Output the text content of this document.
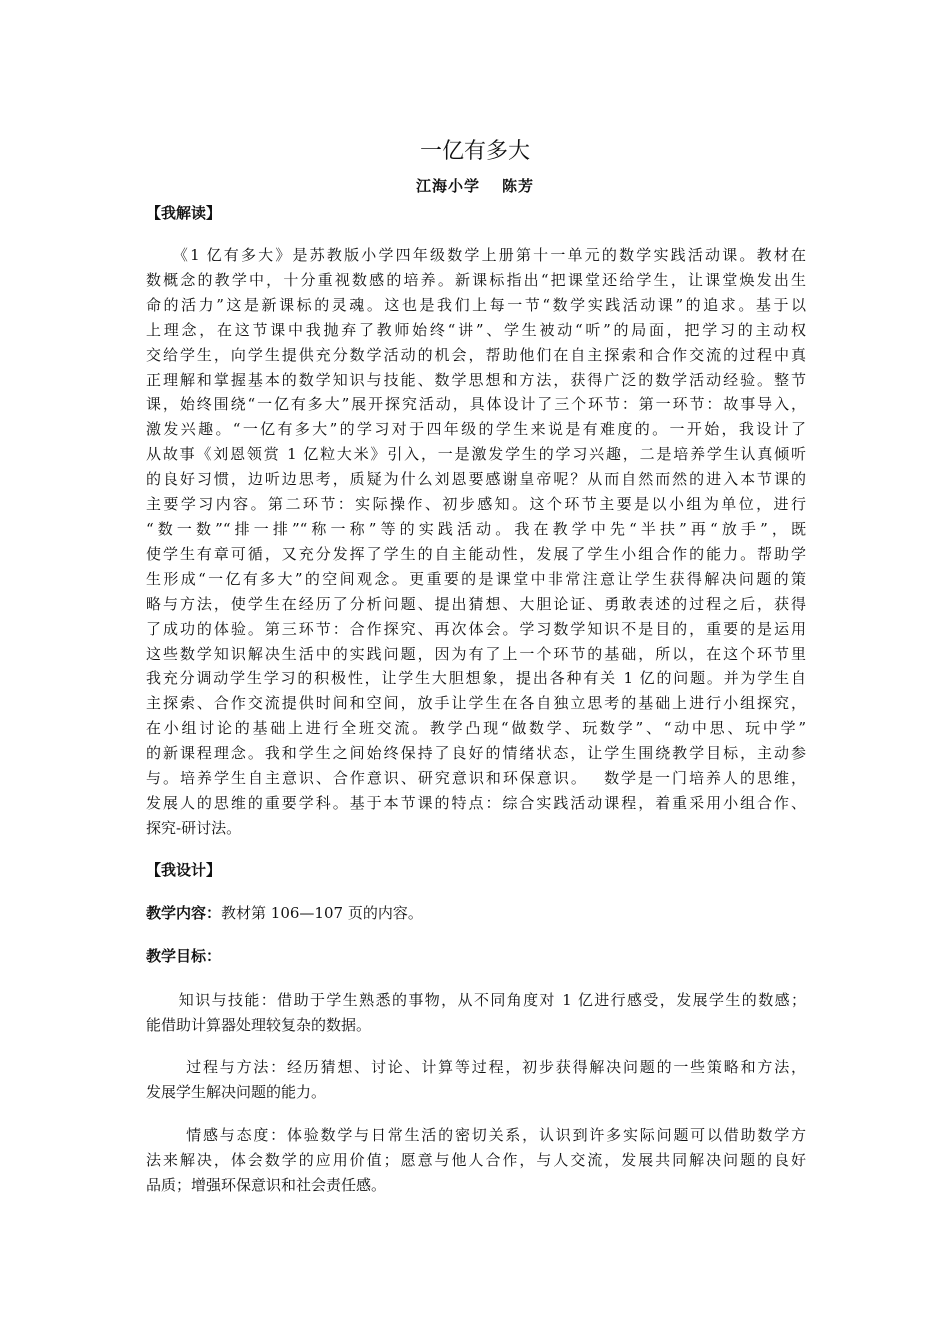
一亿有多大
江海小学 陈芳
【我解读】
　　《1 亿有多大》是苏教版小学四年级数学上册第十一单元的数学实践活动课。教材在
数概念的教学中，十分重视数感的培养。新课标指出“把课堂还给学生，让课堂焕发出生
命的活力”这是新课标的灵魂。这也是我们上每一节“数学实践活动课”的追求。基于以
上理念，在这节课中我抛弃了教师始终“讲”、学生被动“听”的局面，把学习的主动权
交给学生，向学生提供充分数学活动的机会，帮助他们在自主探索和合作交流的过程中真
正理解和掌握基本的数学知识与技能、数学思想和方法，获得广泛的数学活动经验。整节
课，始终围绕“一亿有多大”展开探究活动，具体设计了三个环节：第一环节：故事导入，
激发兴趣。“一亿有多大”的学习对于四年级的学生来说是有难度的。一开始，我设计了
从故事《刘恩领赏 1 亿粒大米》引入，一是激发学生的学习兴趣，二是培养学生认真倾听
的良好习惯，边听边思考，质疑为什么刘恩要感谢皇帝呢？从而自然而然的进入本节课的
主要学习内容。第二环节：实际操作、初步感知。这个环节主要是以小组为单位，进行
“数一数”“排一排”“称一称”等的实践活动。我在教学中先“半扶”再“放手”，既
使学生有章可循，又充分发挥了学生的自主能动性，发展了学生小组合作的能力。帮助学
生形成“一亿有多大”的空间观念。更重要的是课堂中非常注意让学生获得解决问题的策
略与方法，使学生在经历了分析问题、提出猜想、大胆论证、勇敢表述的过程之后，获得
了成功的体验。第三环节：合作探究、再次体会。学习数学知识不是目的，重要的是运用
这些数学知识解决生活中的实践问题，因为有了上一个环节的基础，所以，在这个环节里
我充分调动学生学习的积极性，让学生大胆想象，提出各种有关 1 亿的问题。并为学生自
主探索、合作交流提供时间和空间，放手让学生在各自独立思考的基础上进行小组探究，
在小组讨论的基础上进行全班交流。教学凸现“做数学、玩数学”、“动中思、玩中学”
的新课程理念。我和学生之间始终保持了良好的情绪状态，让学生围绕教学目标，主动参
与。培养学生自主意识、合作意识、研究意识和环保意识。　 数学是一门培养人的思维，
发展人的思维的重要学科。基于本节课的特点：综合实践活动课程，着重采用小组合作、
探究-研讨法。
【我设计】
教学内容：教材第 106—107 页的内容。
教学目标：
　　知识与技能：借助于学生熟悉的事物，从不同角度对 1 亿进行感受，发展学生的数感；
能借助计算器处理较复杂的数据。
　　 过程与方法：经历猜想、讨论、计算等过程，初步获得解决问题的一些策略和方法，
发展学生解决问题的能力。
　　 情感与态度：体验数学与日常生活的密切关系，认识到许多实际问题可以借助数学方
法来解决，体会数学的应用价值；愿意与他人合作，与人交流，发展共同解决问题的良好
品质；增强环保意识和社会责任感。
